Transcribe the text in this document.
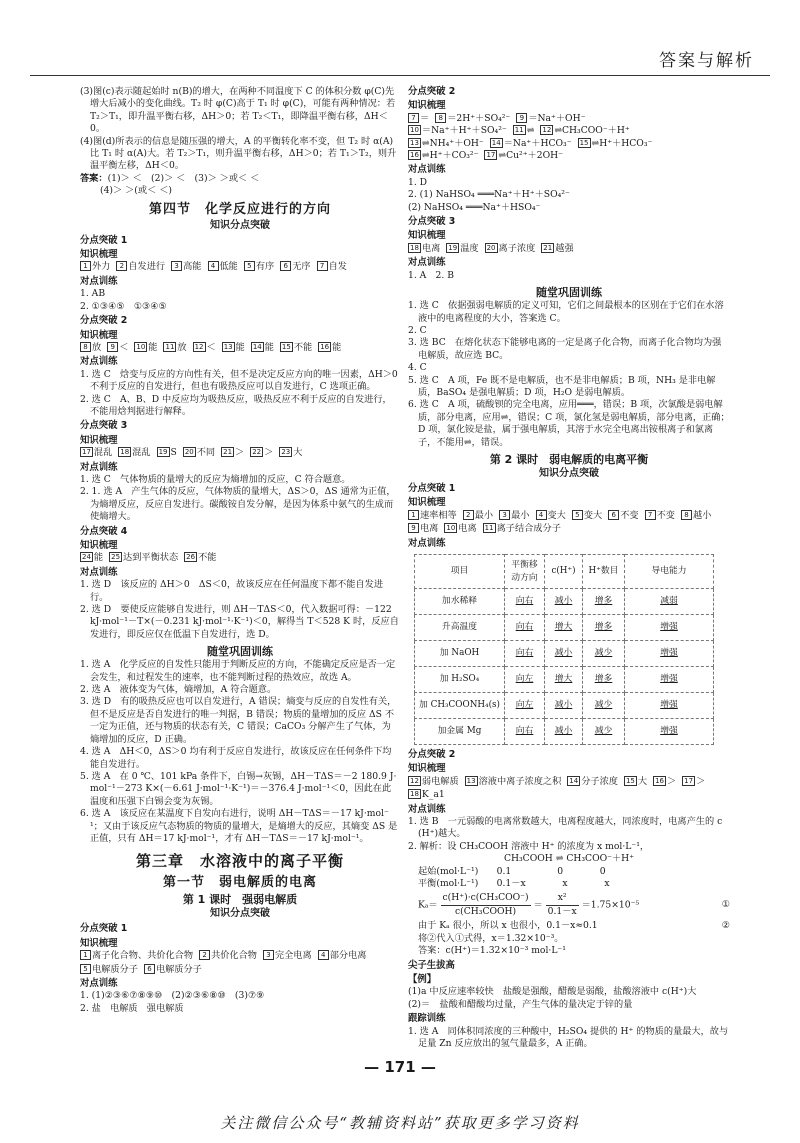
答案与解析

(3)图(c)表示随起始时 n(B)的增大，在两种不同温度下 C 的体积分数 φ(C)先增大后减小的变化曲线。T₂ 时 φ(C)高于 T₁ 时 φ(C)，可能有两种情况：若 T₂＞T₁，即升温平衡右移，ΔH＞0；若 T₂＜T₁，即降温平衡右移，ΔH＜0。

(4)图(d)所表示的信息是随压强的增大，A 的平衡转化率不变，但 T₂ 时 α(A)比 T₁ 时 α(A)大。若 T₂＞T₁，则升温平衡右移，ΔH＞0；若 T₁＞T₂，则升温平衡左移，ΔH＜0。

答案：(1)＞ ＜　(2)＞ ＜　(3)＞ ＞或＜ ＜

(4)＞ ＞(或＜ ＜)

第四节　化学反应进行的方向
知识分点突破
分点突破 1
知识梳理
1 外力	2 自发进行	3 高能	4 低能	5 有序	6 无序	7 自发
对点训练

1. AB

2. ①③④⑤　①③④⑤

分点突破 2
知识梳理
8 放	9 ＜ 10 能 11 放 12 ＜ 13 能 14 能 15 不能 16 能
对点训练

1. 选 C　焓变与反应的方向性有关，但不是决定反应方向的唯一因素，ΔH＞0 不利于反应的自发进行，但也有吸热反应可以自发进行，C 选项正确。

2. 选 C　A、B、D 中反应均为吸热反应，吸热反应不利于反应的自发进行，不能用焓判据进行解释。

分点突破 3
知识梳理
17 混乱 18 混乱 19 S 20 不同 21 ＞ 22 ＞ 23 大
对点训练

1. 选 C　气体物质的量增大的反应为熵增加的反应，C 符合题意。

2. 1. 选 A　产生气体的反应，气体物质的量增大，ΔS＞0，ΔS 通常为正值，为熵增反应，反应自发进行。碳酸铵自发分解，是因为体系中氨气的生成而使熵增大。

分点突破 4
知识梳理
24 能 25 达到平衡状态 26 不能
对点训练

1. 选 D　该反应的 ΔH＞0　ΔS＜0，故该反应在任何温度下都不能自发进行。

2. 选 D　要使反应能够自发进行，则 ΔH－TΔS＜0，代入数据可得：－122 kJ·mol⁻¹－T×(－0.231 kJ·mol⁻¹·K⁻¹)＜0，解得当 T＜528 K 时，反应自发进行，即反应仅在低温下自发进行，选 D。

随堂巩固训练

1. 选 A　化学反应的自发性只能用于判断反应的方向，不能确定反应是否一定会发生，和过程发生的速率，也不能判断过程的热效应，故选 A。

2. 选 A　液体变为气体，熵增加，A 符合题意。

3. 选 D　有的吸热反应也可以自发进行，A 错误；熵变与反应的自发性有关，但不是反应是否自发进行的唯一判据，B 错误；物质的量增加的反应 ΔS 不一定为正值，还与物质的状态有关，C 错误；CaCO₃ 分解产生了气体，为熵增加的反应，D 正确。

4. 选 A　ΔH＜0，ΔS＞0 均有利于反应自发进行，故该反应在任何条件下均能自发进行。

5. 选 A　在 0 ℃、101 kPa 条件下，白锡→灰锡，ΔH－TΔS＝－2 180.9 J·mol⁻¹－273 K×(－6.61 J·mol⁻¹·K⁻¹)＝－376.4 J·mol⁻¹＜0，因此在此温度和压强下白锡会变为灰锡。

6. 选 A　该反应在某温度下自发向右进行，说明 ΔH－TΔS＝－17 kJ·mol⁻¹；又由于该反应气态物质的物质的量增大，是熵增大的反应，其熵变 ΔS 是正值，只有 ΔH＝17 kJ·mol⁻¹，才有 ΔH－TΔS＝－17 kJ·mol⁻¹。

第三章　水溶液中的离子平衡
第一节　弱电解质的电离
第 1 课时　强弱电解质
知识分点突破
分点突破 1
知识梳理
1 离子化合物、共价化合物	2 共价化合物	3 完全电离	4 部分电离
5 电解质分子	6 电解质分子
对点训练

1. (1)②③⑥⑦⑧⑨⑩　(2)②③⑥⑧⑩　(3)⑦⑨

2. 盐　电解质　强电解质

分点突破 2
知识梳理
7 ＝	8 ＝2H⁺＋SO₄²⁻	9 ＝Na⁺＋OH⁻
10 ＝Na⁺＋H⁺＋SO₄²⁻ 11 ⇌ 12 ⇌CH₃COO⁻＋H⁺
13 ⇌NH₄⁺＋OH⁻ 14 ＝Na⁺＋HCO₃⁻ 15 ⇌H⁺＋HCO₃⁻
16 ⇌H⁺＋CO₃²⁻ 17 ⇌Cu²⁺＋2OH⁻
对点训练

1. D

2. (1) NaHSO₄ ═══Na⁺＋H⁺＋SO₄²⁻

(2) NaHSO₄ ═══Na⁺＋HSO₄⁻

分点突破 3
知识梳理
18 电离 19 温度 20 离子浓度 21 越强
对点训练

1. A　2. B

随堂巩固训练

1. 选 C　依据强弱电解质的定义可知，它们之间最根本的区别在于它们在水溶液中的电离程度的大小，答案选 C。

2. C

3. 选 BC　在熔化状态下能够电离的一定是离子化合物，而离子化合物均为强电解质，故应选 BC。

4. C

5. 选 C　A 项，Fe 既不是电解质，也不是非电解质；B 项，NH₃ 是非电解质，BaSO₄ 是强电解质；D 项，H₂O 是弱电解质。

6. 选 C　A 项，硫酸钡的完全电离，应用═══，错误；B 项，次氯酸是弱电解质，部分电离，应用⇌，错误；C 项，氯化氢是弱电解质，部分电离，正确；D 项，氯化铵是盐，属于强电解质，其溶于水完全电离出铵根离子和氯离子，不能用⇌，错误。

第 2 课时　弱电解质的电离平衡
知识分点突破
分点突破 1
知识梳理
1 速率相等	2 最小	3 最小	4 变大	5 变大	6 不变	7 不变	8 越小
9 电离 10 电离 11 离子结合成分子
对点训练
项目	平衡移动方向	c(H⁺)	H⁺数目	导电能力
加水稀释	向右	减小	增多	减弱
升高温度	向右	增大	增多	增强
加 NaOH	向右	减小	减少	增强
加 H₂SO₄	向左	增大	增多	增强
加 CH₃COONH₄(s)	向左	减小	减少	增强
加金属 Mg	向右	减小	减少	增强
分点突破 2
知识梳理
12 弱电解质 13 溶液中离子浓度之积 14 分子浓度 15 大 16 ＞ 17 ＞
18 K_a1
对点训练

1. 选 B　一元弱酸的电离常数越大，电离程度越大，同浓度时，电离产生的 c(H⁺)越大。

2. 解析：设 CH₃COOH 溶液中 H⁺ 的浓度为 x mol·L⁻¹，

CH₃COOH ⇌ CH₃COO⁻＋H⁺

起始(mol·L⁻¹)　　0.1　　　　　0　　　　0

平衡(mol·L⁻¹)　　0.1－x　　　　x　　　　x

$K_a= \frac{\text{c(H⁺)·c(CH₃COO⁻)}}{\text{c(CH₃COOH)}} = \frac{\text{x²}}{0.1-x} =1.75\times 10^{-5}$	①
由于 Kₐ 很小，所以 x 也很小，0.1－x≈0.1	②

将②代入①式得，x＝1.32×10⁻³。

答案：c(H⁺)＝1.32×10⁻³ mol·L⁻¹

尖子生拔高
【例】

(1)a 中反应速率较快　盐酸是强酸，醋酸是弱酸，盐酸溶液中 c(H⁺)大

(2)＝　盐酸和醋酸均过量，产生气体的量决定于锌的量

跟踪训练

1. 选 A　同体积同浓度的三种酸中，H₂SO₄ 提供的 H⁺ 的物质的量最大，故与足量 Zn 反应放出的氢气量最多，A 正确。

— 171 —
关注微信公众号“教辅资料站”获取更多学习资料
